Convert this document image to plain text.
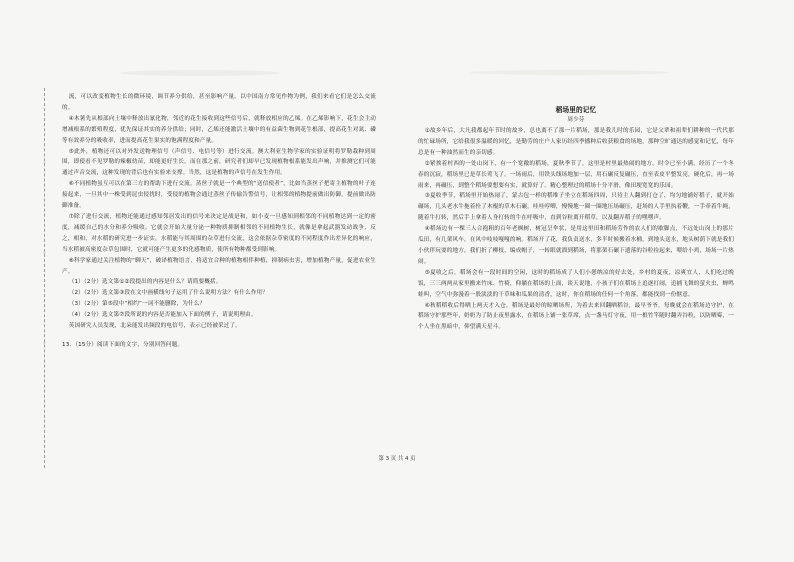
◦
◦
◦

流，可以改变植物生长的微环境，调节养分供给，甚至影响产量。以中国南方常见作物为例，我们来看它们是怎么交流的。

④木薯先从根部向土壤中释放出氰化物，邻近的花生接收到这些信号后，就释放相应的乙烯。在乙烯影响下，花生会主动增减根系的繁殖程度，优先保证其实的养分供给；同时，乙烯还能激活土壤中的有益菌生物到花生根部，提高花生对氮、磷等有效养分的吸收率，进而提高花生果实的饱满程度和产量。

⑤此外，植物还可以对外发送物理信号（声信号、电信号等）进行交流。澳大利亚生物学家的实验证明将罗勒栽种到周围，即使看不见罗勒的辣椒幼苗，却能更好生长。而在那之前，研究者们却早已发现植物根系能发出声响，并推测它们可能通过声音交流，这种发现的背后也有实验来支撑。当然，这是植物的声信号在发生作用。

⑥不同植物虽互可以在第三方的帮助下进行交流。蒸丝子就是一个典型的“送信使者”，比如当蒸丝子把寄主植物的叶子连接起来，一旦其中一株受到昆虫侵扰时，受侵的植物会通过蒸丝子传输告警信号，让相邻的植物提前做出防御，提前做出防御准备。

⑦除了进行交流，植物还能通过感知邻居发出的信号来决定是战是和，如小麦一旦感知到相邻的不同植物达到一定的密度，减缓自己的水分和养分吸收。它就会开始大量分泌一种物质抑制相邻的不同植物生长，就像是拿起武器发动战争，反之，相和，对水稻的研究进一步证实，水稻能与其周围的杂草进行交流，这会依据杂草密度的不同程度作出差异化的响应，当水稻被高密度杂草包围时，它就可能产生更多的化感物质，使所有物种都受到影响。

⑧科学家通过关注植物的“聊天”，破译植物语言，将适宜合种的植物相伴种植，抑制病虫害，增加植物产量，促进农业生产。

（1）（2分）选文第①②段提出的内容是什么？请简要概括。

（2）（2分）选文第③段在文中画横线句子运用了什么说明方法？有什么作用？

（3）（2分）第⑤段中“相约”一词不能删除，为什么？

（4）（2分）选文第⑦段所说的内容是否能加入下面的例子，请说明理由。

英国研究人员发现，北朵能发出频段的电信号，表示已经被采过了。

13．（15分）阅读下面的文字，分别回答问题。

稻场里的记忆

周少芬

①故乡年后，大凡我都起年节时的故乡，总也离不了那一片稻场，那是我儿时的乐园，它是父辈和祖辈们耕种的一代代那的忙碌场所，它给我很多温暖的回忆，是勤劳的庄户人家历经四季播种后收获粮食的场地，那种空旷通达的感觉和记忆，每年总是有一种油然而生的亲切感。

②紧挨着村西的一处山岗下，有一个宽敞的稻场，夏秋季节了，这里是村里最热闹的地方。时令已至小满，经历了一个冬春的沉寂，稻场里已是草长莺飞了。一场雨后，用铁头线场地加一层，用石碾反复碾压，直至表皮平整发亮，硬化后，再一场雨来，再碾压，到整个稻场要想要有实，就算好了。精心整理过的稻场十分平滑，像田埂宽宽的乐园。

③夏收季节，稻场里开始热闹了，蒙古包一样的稻堆子坐立在稻场四周，只待主人翻到打仓了，均匀地铺好稻子，就开始碾场，几头老水牛拖着拴了木棍的草木石碾，哇哇哼唧，慢慢地一圈一圈地压场碾压，赶场的人手里执着鞭，一手牵着牛绳，随着牛打转，然后手上拿着人身打转的牛在呼吸中，直到谷粒离开稻草，以及翻弄稻子的嘿嘿声。

④稻场边有一棵三人合抱粗的百年老枫树，树冠呈伞状，是用这里田和稻场劳作的农人们的歇脚点，不远处山岗上的那片瓜田，有几架风车，在风中吱吱嘎嘎的响。稻场开了花，我负责送水，多半时候搬着水桶，到地头送水，地头树荫下就是我们小伙伴玩耍的地方，我们折了柳枝，编成帽子，一转眼就溜到稻场，将那架石碾下遗落的谷粒捡起来，喂给小鸡，场场一片热闹。

⑤夏收之后，稻场会有一段时间的空闲，这时的稻场成了人们小憩纳凉的好去处，乡村的夏夜，凉爽宜人，人们吃过晚饭，三三两两从家里搬来竹床、竹椅，仰躺在稻场的上面，谈天说地，小孩子们在稻场上追逐打闹，追捕飞舞的萤火虫，蝉鸣蛙叫，空气中弥漫着一股淡淡的干草味和瓜果的清香，这时，你在稻场的任何一个角落，都能找到一份惬意。

⑥秋稻稻收后得晒上两天才入仓，稻场是最好的晾晒场所，为着去来回翻晒稻谷，最早爷爷，每晚就会在稻场边守护，在稻场守护那些年，奶奶为了防止夜里露水，在稻场上铺一张草席，点一盏马灯守夜，用一根竹竿随时翻弄谷粒，以防晒霉，一个人坐在黑暗中，仰望满天星斗。

第 3 页 共 4 页
